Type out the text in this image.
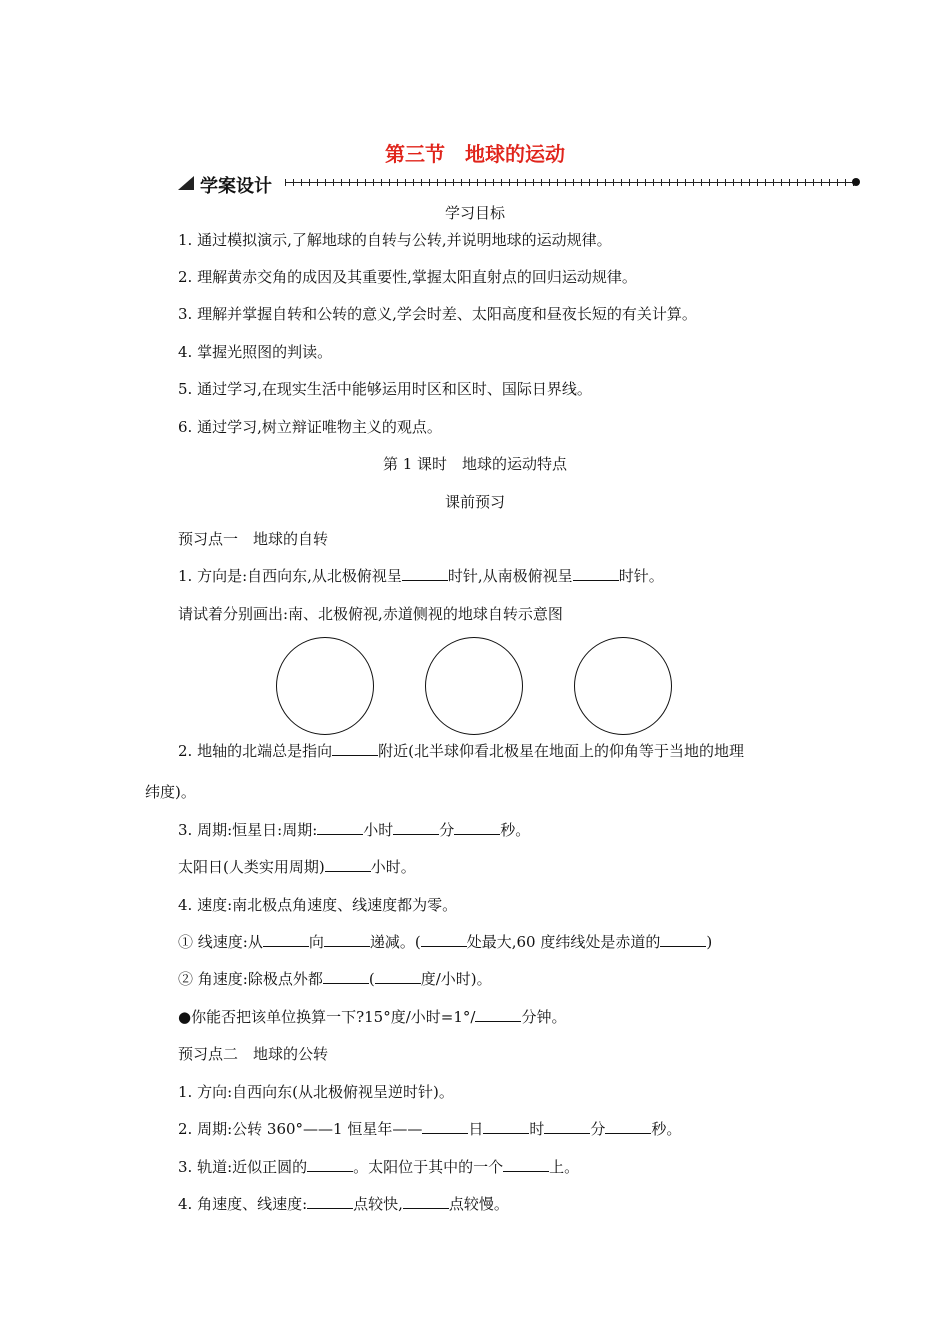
第三节　地球的运动
学案设计
学习目标
1. 通过模拟演示,了解地球的自转与公转,并说明地球的运动规律。
2. 理解黄赤交角的成因及其重要性,掌握太阳直射点的回归运动规律。
3. 理解并掌握自转和公转的意义,学会时差、太阳高度和昼夜长短的有关计算。
4. 掌握光照图的判读。
5. 通过学习,在现实生活中能够运用时区和区时、国际日界线。
6. 通过学习,树立辩证唯物主义的观点。
第 1 课时　地球的运动特点
课前预习
预习点一　地球的自转
1. 方向是:自西向东,从北极俯视呈	时针,从南极俯视呈	时针。
请试着分别画出:南、北极俯视,赤道侧视的地球自转示意图
2. 地轴的北端总是指向	附近(北半球仰看北极星在地面上的仰角等于当地的地理
纬度)。
3. 周期:恒星日:周期:	小时	分	秒。
太阳日(人类实用周期)	小时。
4. 速度:南北极点角速度、线速度都为零。
① 线速度:从	向	递减。(	处最大,60 度纬线处是赤道的	)
② 角速度:除极点外都	(	度/小时)。
●你能否把该单位换算一下?15°度/小时=1°/	分钟。
预习点二　地球的公转
1. 方向:自西向东(从北极俯视呈逆时针)。
2. 周期:公转 360°——1 恒星年——	日	时	分	秒。
3. 轨道:近似正圆的	。太阳位于其中的一个	上。
4. 角速度、线速度:	点较快,	点较慢。
